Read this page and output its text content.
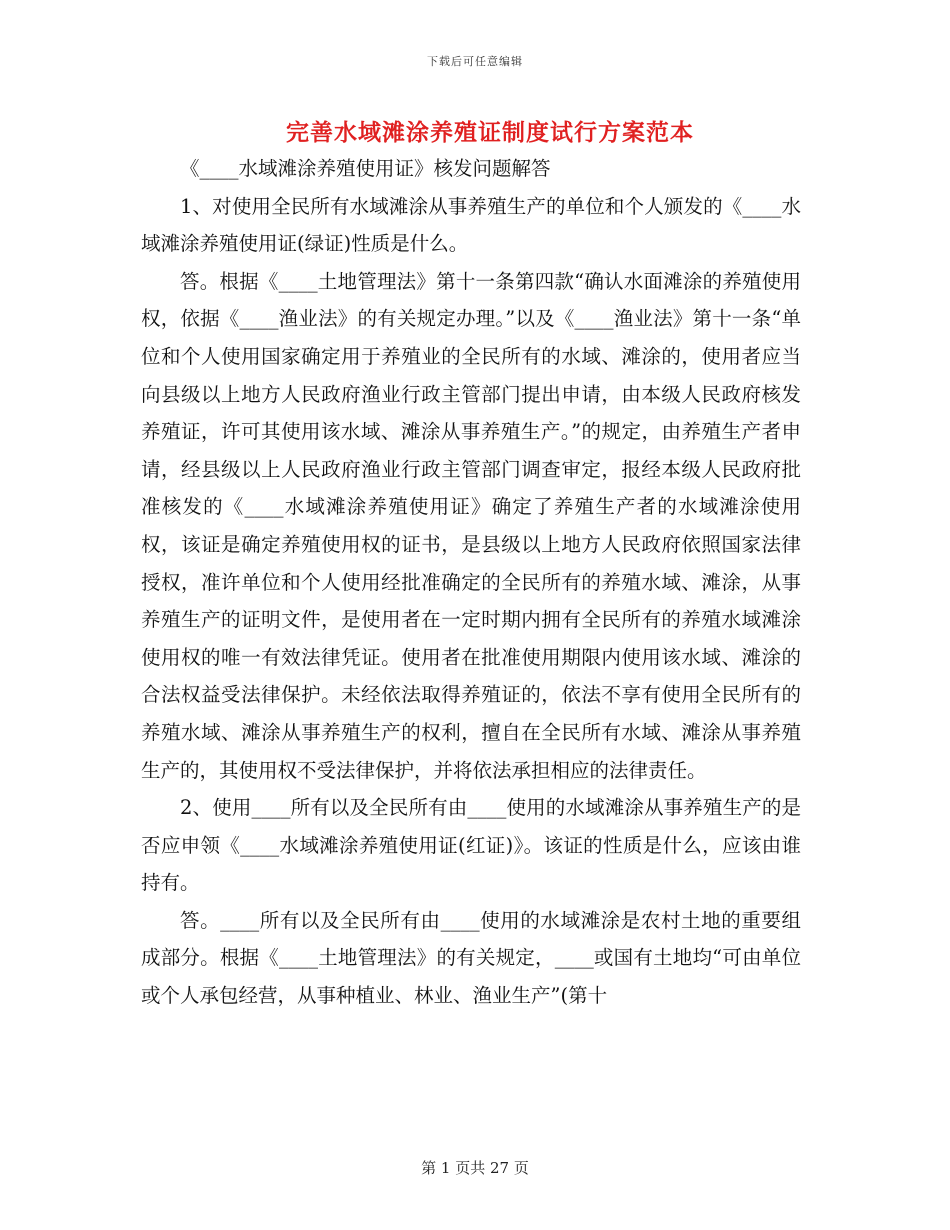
下载后可任意编辑
完善水域滩涂养殖证制度试行方案范本

《____水域滩涂养殖使用证》核发问题解答

1、对使用全民所有水域滩涂从事养殖生产的单位和个人颁发的《____水域滩涂养殖使用证(绿证)性质是什么。

答。根据《____土地管理法》第十一条第四款“确认水面滩涂的养殖使用权，依据《____渔业法》的有关规定办理。”以及《____渔业法》第十一条“单位和个人使用国家确定用于养殖业的全民所有的水域、滩涂的，使用者应当向县级以上地方人民政府渔业行政主管部门提出申请，由本级人民政府核发养殖证，许可其使用该水域、滩涂从事养殖生产。”的规定，由养殖生产者申请，经县级以上人民政府渔业行政主管部门调查审定，报经本级人民政府批准核发的《____水域滩涂养殖使用证》确定了养殖生产者的水域滩涂使用权，该证是确定养殖使用权的证书，是县级以上地方人民政府依照国家法律授权，准许单位和个人使用经批准确定的全民所有的养殖水域、滩涂，从事养殖生产的证明文件，是使用者在一定时期内拥有全民所有的养殖水域滩涂使用权的唯一有效法律凭证。使用者在批准使用期限内使用该水域、滩涂的合法权益受法律保护。未经依法取得养殖证的，依法不享有使用全民所有的养殖水域、滩涂从事养殖生产的权利，擅自在全民所有水域、滩涂从事养殖生产的，其使用权不受法律保护，并将依法承担相应的法律责任。

2、使用____所有以及全民所有由____使用的水域滩涂从事养殖生产的是否应申领《____水域滩涂养殖使用证(红证)》。该证的性质是什么，应该由谁持有。

答。____所有以及全民所有由____使用的水域滩涂是农村土地的重要组成部分。根据《____土地管理法》的有关规定，____或国有土地均“可由单位或个人承包经营，从事种植业、林业、渔业生产”(第十

第 1 页共 27 页
